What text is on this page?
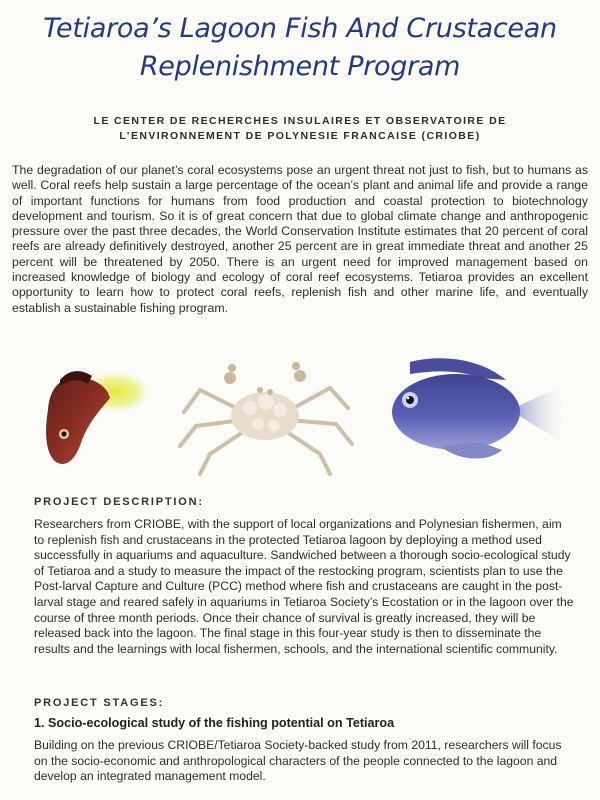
Tetiaroa’s Lagoon Fish And Crustacean
Replenishment Program
LE CENTER DE RECHERCHES INSULAIRES ET OBSERVATOIRE DE
L’ENVIRONNEMENT DE POLYNESIE FRANCAISE (CRIOBE)
The degradation of our planet’s coral ecosystems pose an urgent threat not just to fish, but to humans as well. Coral reefs help sustain a large percentage of the ocean’s plant and animal life and provide a range of important functions for humans from food production and coastal protection to biotechnology development and tourism. So it is of great concern that due to global climate change and anthropogenic pressure over the past three decades, the World Conservation Institute estimates that 20 percent of coral reefs are already definitively destroyed, another 25 percent are in great immediate threat and another 25 percent will be threatened by 2050. There is an urgent need for improved management based on increased knowledge of biology and ecology of coral reef ecosystems. Tetiaroa provides an excellent opportunity to learn how to protect coral reefs, replenish fish and other marine life, and eventually establish a sustainable fishing program.
PROJECT DESCRIPTION:
Researchers from CRIOBE, with the support of local organizations and Polynesian fishermen, aim to replenish fish and crustaceans in the protected Tetiaroa lagoon by deploying a method used successfully in aquariums and aquaculture. Sandwiched between a thorough socio-ecological study of Tetiaroa and a study to measure the impact of the restocking program, scientists plan to use the Post-larval Capture and Culture (PCC) method where fish and crustaceans are caught in the post-larval stage and reared safely in aquariums in Tetiaroa Society’s Ecostation or in the lagoon over the course of three month periods. Once their chance of survival is greatly increased, they will be released back into the lagoon. The final stage in this four-year study is then to disseminate the results and the learnings with local fishermen, schools, and the international scientific community.
PROJECT STAGES:
1. Socio-ecological study of the fishing potential on Tetiaroa
Building on the previous CRIOBE/Tetiaroa Society-backed study from 2011, researchers will focus on the socio-economic and anthropological characters of the people connected to the lagoon and develop an integrated management model.
